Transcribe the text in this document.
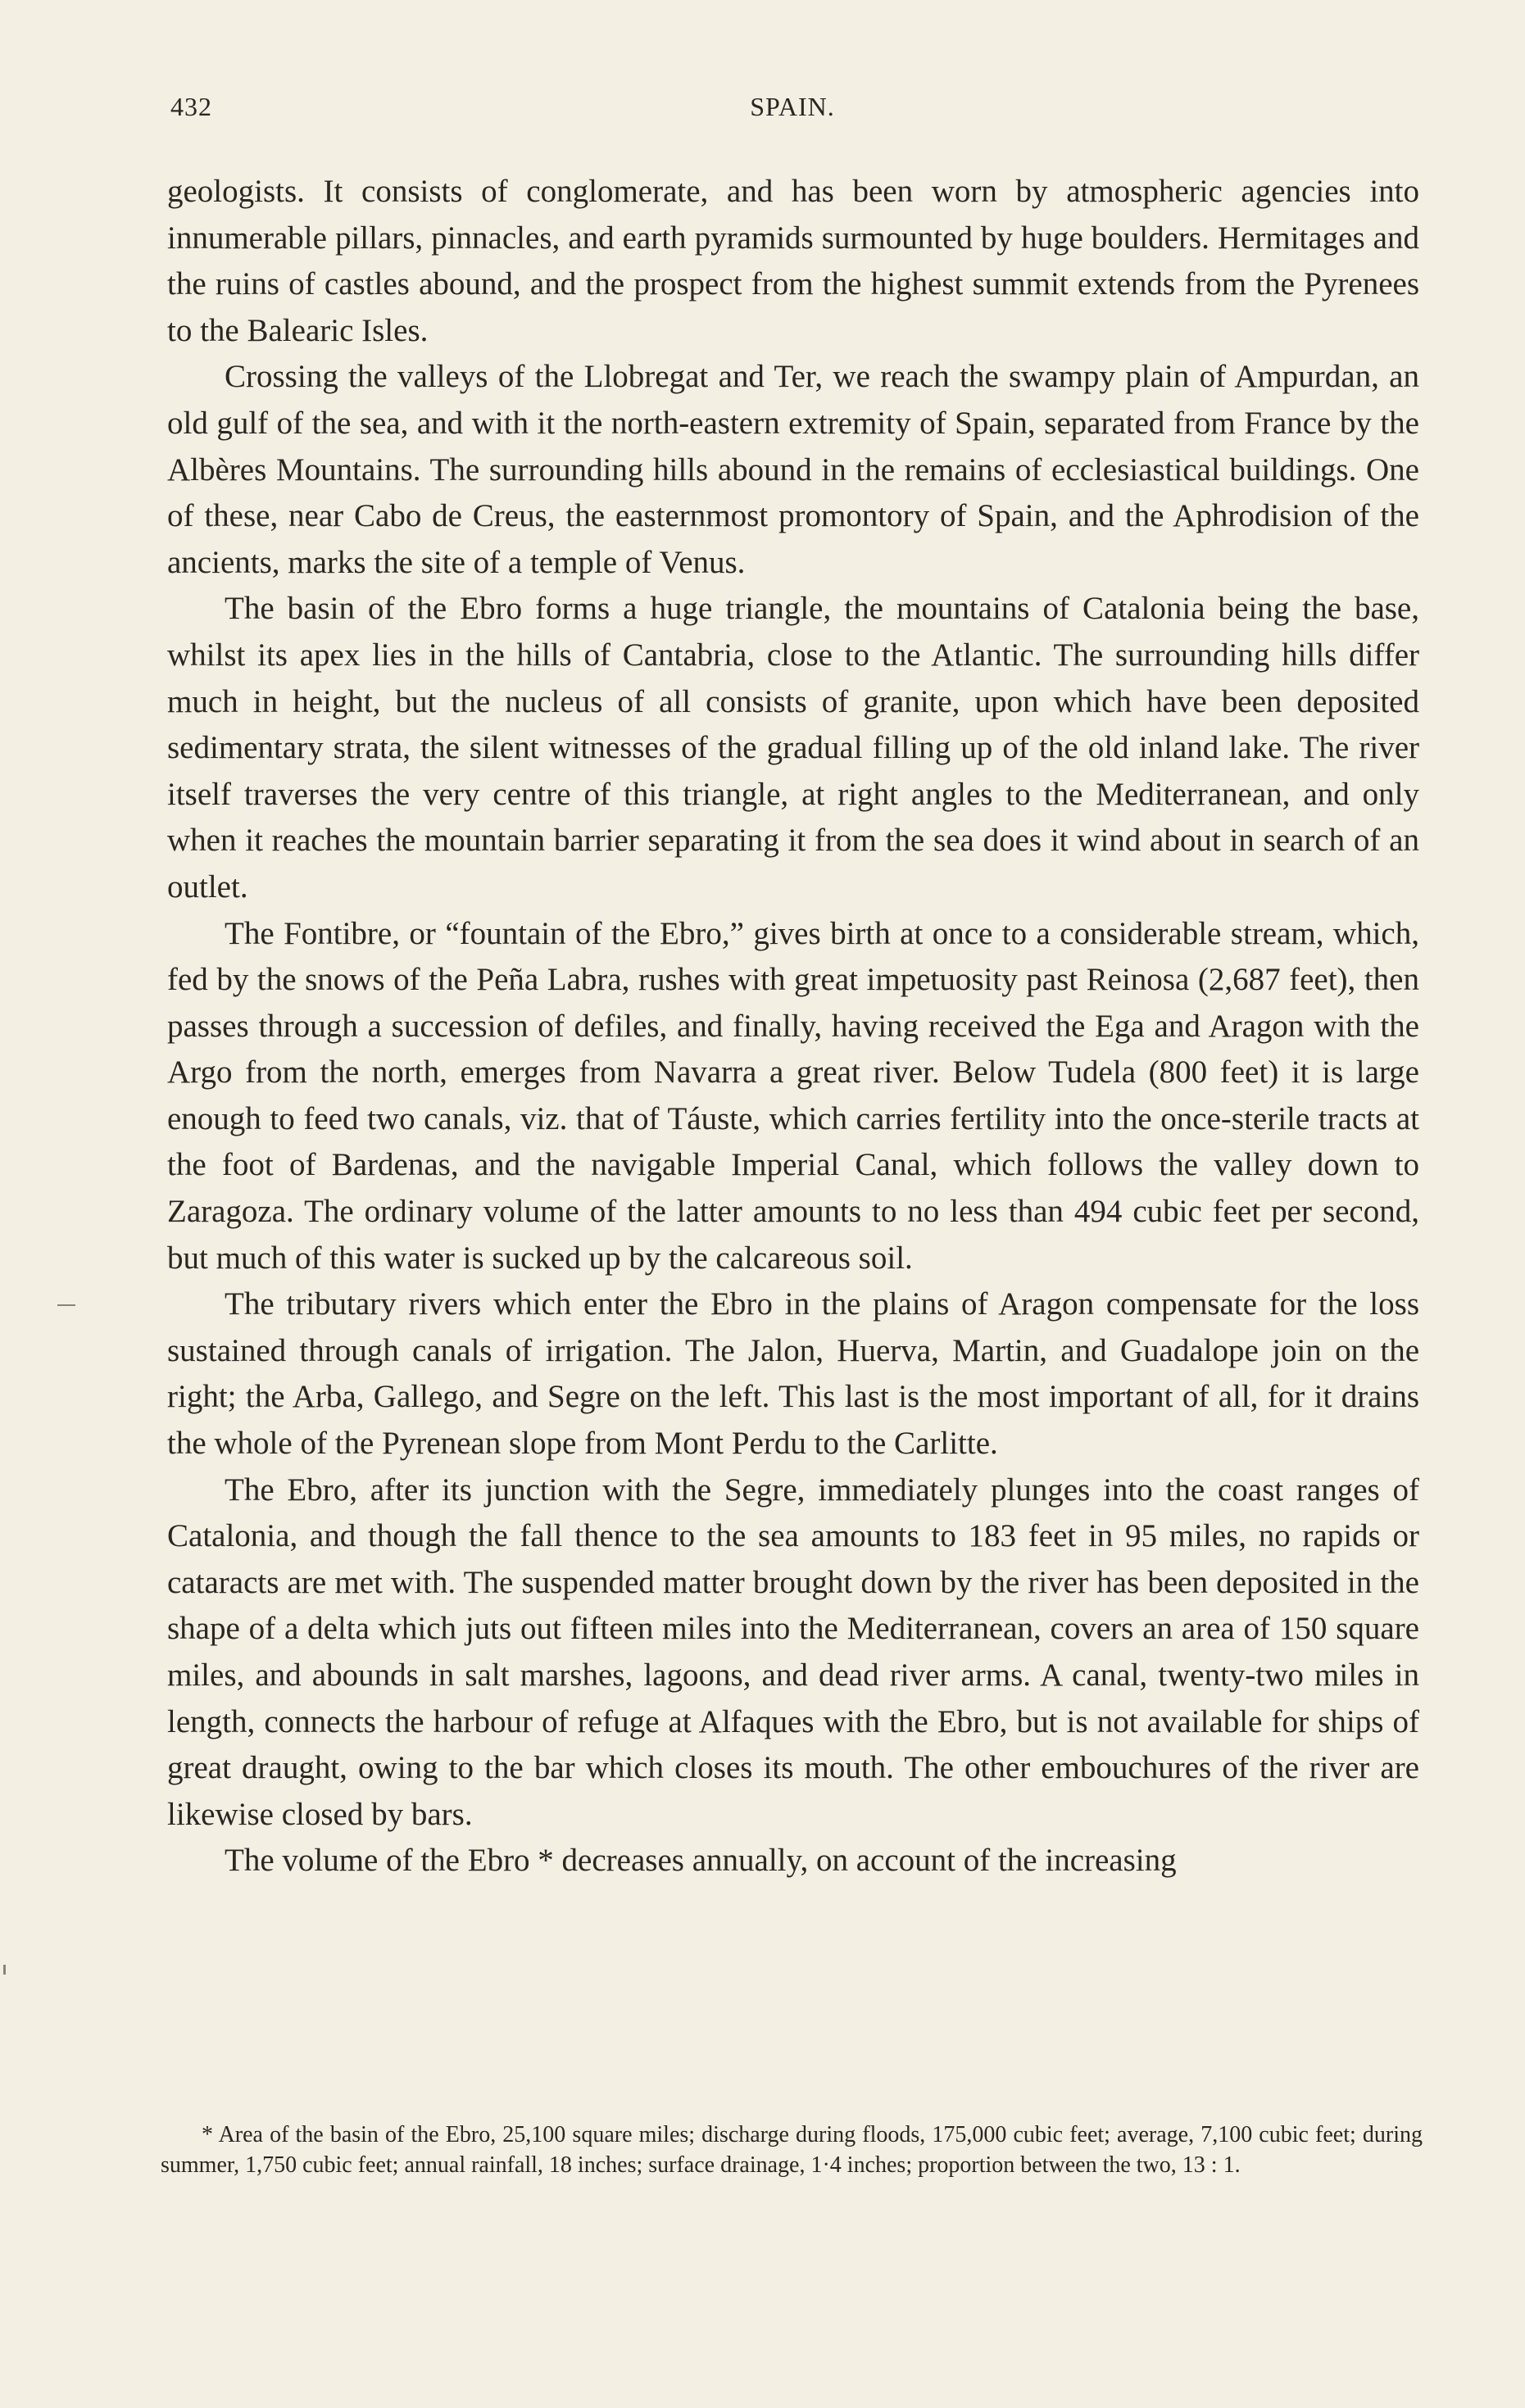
432	SPAIN.

geologists. It consists of conglomerate, and has been worn by atmospheric agencies into innumerable pillars, pinnacles, and earth pyramids surmounted by huge boulders. Hermitages and the ruins of castles abound, and the prospect from the highest summit extends from the Pyrenees to the Balearic Isles.

Crossing the valleys of the Llobregat and Ter, we reach the swampy plain of Ampurdan, an old gulf of the sea, and with it the north-eastern extremity of Spain, separated from France by the Albères Mountains. The surrounding hills abound in the remains of ecclesiastical buildings. One of these, near Cabo de Creus, the easternmost promontory of Spain, and the Aphrodision of the ancients, marks the site of a temple of Venus.

The basin of the Ebro forms a huge triangle, the mountains of Catalonia being the base, whilst its apex lies in the hills of Cantabria, close to the Atlantic. The surrounding hills differ much in height, but the nucleus of all consists of granite, upon which have been deposited sedimentary strata, the silent witnesses of the gradual filling up of the old inland lake. The river itself traverses the very centre of this triangle, at right angles to the Mediterranean, and only when it reaches the mountain barrier separating it from the sea does it wind about in search of an outlet.

The Fontibre, or “fountain of the Ebro,” gives birth at once to a considerable stream, which, fed by the snows of the Peña Labra, rushes with great impetuosity past Reinosa (2,687 feet), then passes through a succession of defiles, and finally, having received the Ega and Aragon with the Argo from the north, emerges from Navarra a great river. Below Tudela (800 feet) it is large enough to feed two canals, viz. that of Táuste, which carries fertility into the once-sterile tracts at the foot of Bardenas, and the navigable Imperial Canal, which follows the valley down to Zaragoza. The ordinary volume of the latter amounts to no less than 494 cubic feet per second, but much of this water is sucked up by the calcareous soil.

The tributary rivers which enter the Ebro in the plains of Aragon compensate for the loss sustained through canals of irrigation. The Jalon, Huerva, Martin, and Guadalope join on the right; the Arba, Gallego, and Segre on the left. This last is the most important of all, for it drains the whole of the Pyrenean slope from Mont Perdu to the Carlitte.

The Ebro, after its junction with the Segre, immediately plunges into the coast ranges of Catalonia, and though the fall thence to the sea amounts to 183 feet in 95 miles, no rapids or cataracts are met with. The suspended matter brought down by the river has been deposited in the shape of a delta which juts out fifteen miles into the Mediterranean, covers an area of 150 square miles, and abounds in salt marshes, lagoons, and dead river arms. A canal, twenty-two miles in length, connects the harbour of refuge at Alfaques with the Ebro, but is not available for ships of great draught, owing to the bar which closes its mouth. The other embouchures of the river are likewise closed by bars.

The volume of the Ebro * decreases annually, on account of the increasing

* Area of the basin of the Ebro, 25,100 square miles; discharge during floods, 175,000 cubic feet; average, 7,100 cubic feet; during summer, 1,750 cubic feet; annual rainfall, 18 inches; surface drainage, 1·4 inches; proportion between the two, 13 : 1.
